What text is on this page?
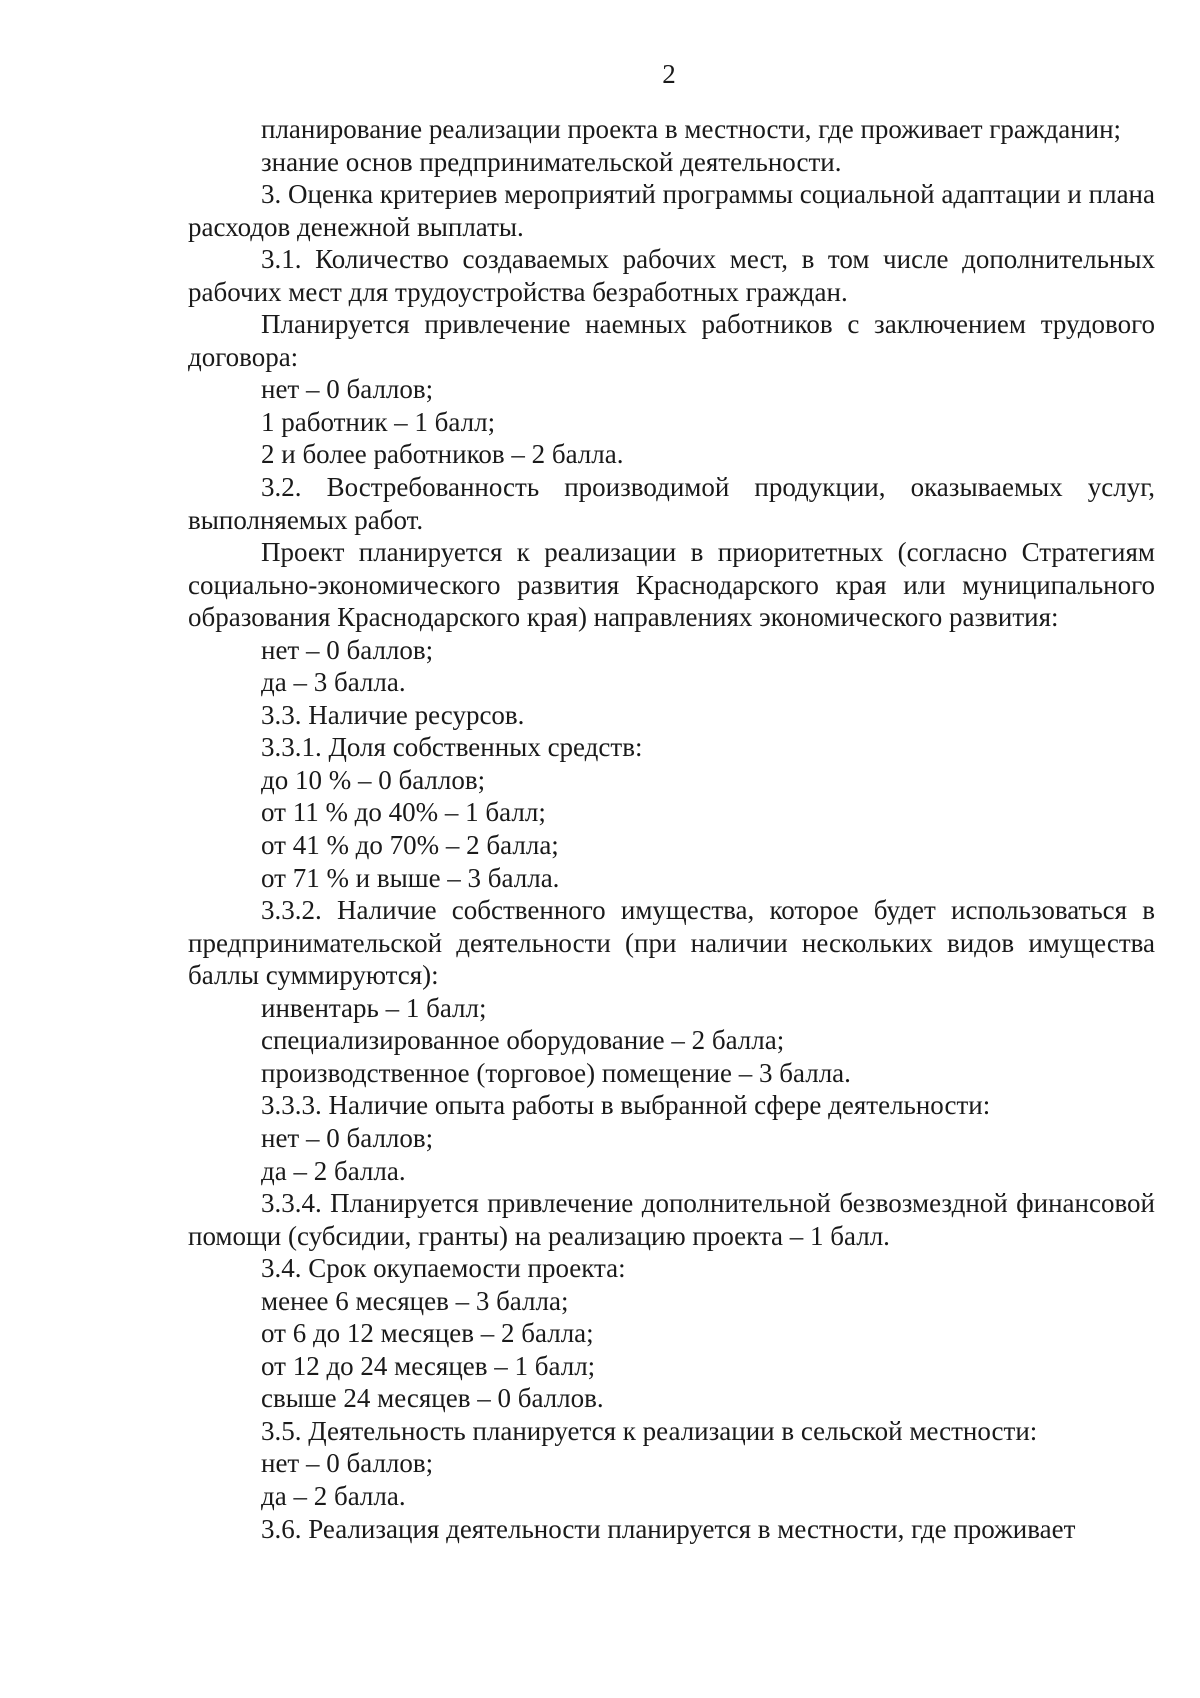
2

планирование реализации проекта в местности, где проживает гражданин;

знание основ предпринимательской деятельности.

3. Оценка критериев мероприятий программы социальной адаптации и плана расходов денежной выплаты.

3.1. Количество создаваемых рабочих мест, в том числе дополнительных рабочих мест для трудоустройства безработных граждан.

Планируется привлечение наемных работников с заключением трудового договора:

нет – 0 баллов;

1 работник – 1 балл;

2 и более работников – 2 балла.

3.2. Востребованность производимой продукции, оказываемых услуг, выполняемых работ.

Проект планируется к реализации в приоритетных (согласно Стратегиям социально-экономического развития Краснодарского края или муниципального образования Краснодарского края) направлениях экономического развития:

нет – 0 баллов;

да – 3 балла.

3.3. Наличие ресурсов.

3.3.1. Доля собственных средств:

до 10 % – 0 баллов;

от 11 % до 40% – 1 балл;

от 41 % до 70% – 2 балла;

от 71 % и выше – 3 балла.

3.3.2. Наличие собственного имущества, которое будет использоваться в предпринимательской деятельности (при наличии нескольких видов имущества баллы суммируются):

инвентарь – 1 балл;

специализированное оборудование – 2 балла;

производственное (торговое) помещение – 3 балла.

3.3.3. Наличие опыта работы в выбранной сфере деятельности:

нет – 0 баллов;

да – 2 балла.

3.3.4. Планируется привлечение дополнительной безвозмездной финансовой помощи (субсидии, гранты) на реализацию проекта – 1 балл.

3.4. Срок окупаемости проекта:

менее 6 месяцев – 3 балла;

от 6 до 12 месяцев – 2 балла;

от 12 до 24 месяцев – 1 балл;

свыше 24 месяцев – 0 баллов.

3.5. Деятельность планируется к реализации в сельской местности:

нет – 0 баллов;

да – 2 балла.

3.6. Реализация деятельности планируется в местности, где проживает
